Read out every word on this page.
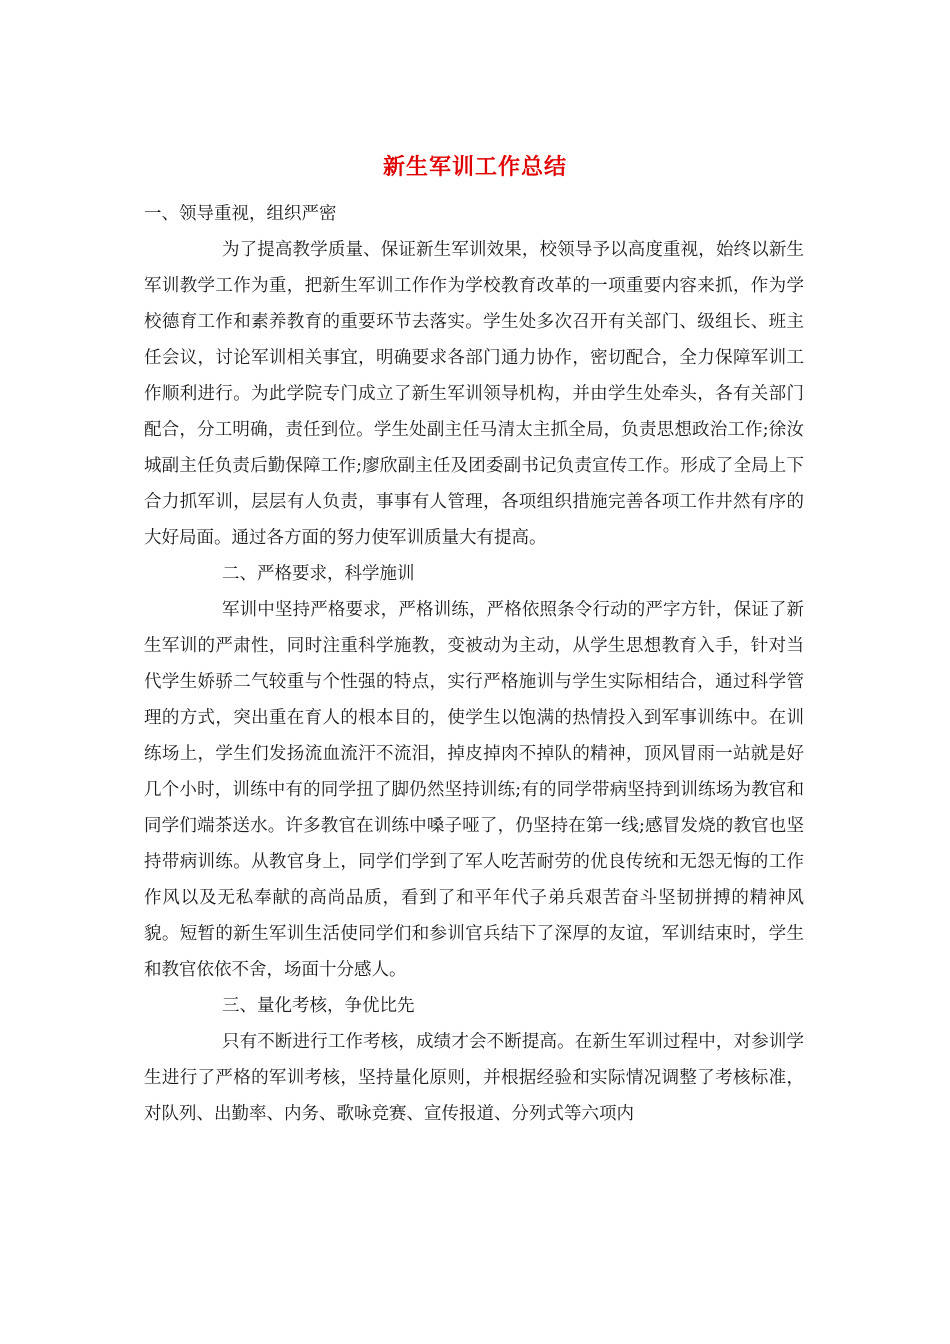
新生军训工作总结

一、领导重视，组织严密

为了提高教学质量、保证新生军训效果，校领导予以高度重视，始终以新生军训教学工作为重，把新生军训工作作为学校教育改革的一项重要内容来抓，作为学校德育工作和素养教育的重要环节去落实。学生处多次召开有关部门、级组长、班主任会议，讨论军训相关事宜，明确要求各部门通力协作，密切配合，全力保障军训工作顺利进行。为此学院专门成立了新生军训领导机构，并由学生处牵头，各有关部门配合，分工明确，责任到位。学生处副主任马清太主抓全局，负责思想政治工作;徐汝城副主任负责后勤保障工作;廖欣副主任及团委副书记负责宣传工作。形成了全局上下合力抓军训，层层有人负责，事事有人管理，各项组织措施完善各项工作井然有序的大好局面。通过各方面的努力使军训质量大有提高。

二、严格要求，科学施训

军训中坚持严格要求，严格训练，严格依照条令行动的严字方针，保证了新生军训的严肃性，同时注重科学施教，变被动为主动，从学生思想教育入手，针对当代学生娇骄二气较重与个性强的特点，实行严格施训与学生实际相结合，通过科学管理的方式，突出重在育人的根本目的，使学生以饱满的热情投入到军事训练中。在训练场上，学生们发扬流血流汗不流泪，掉皮掉肉不掉队的精神，顶风冒雨一站就是好几个小时，训练中有的同学扭了脚仍然坚持训练;有的同学带病坚持到训练场为教官和同学们端茶送水。许多教官在训练中嗓子哑了，仍坚持在第一线;感冒发烧的教官也坚持带病训练。从教官身上，同学们学到了军人吃苦耐劳的优良传统和无怨无悔的工作作风以及无私奉献的高尚品质，看到了和平年代子弟兵艰苦奋斗坚韧拼搏的精神风貌。短暂的新生军训生活使同学们和参训官兵结下了深厚的友谊，军训结束时，学生和教官依依不舍，场面十分感人。

三、量化考核，争优比先

只有不断进行工作考核，成绩才会不断提高。在新生军训过程中，对参训学生进行了严格的军训考核，坚持量化原则，并根据经验和实际情况调整了考核标准，对队列、出勤率、内务、歌咏竞赛、宣传报道、分列式等六项内
